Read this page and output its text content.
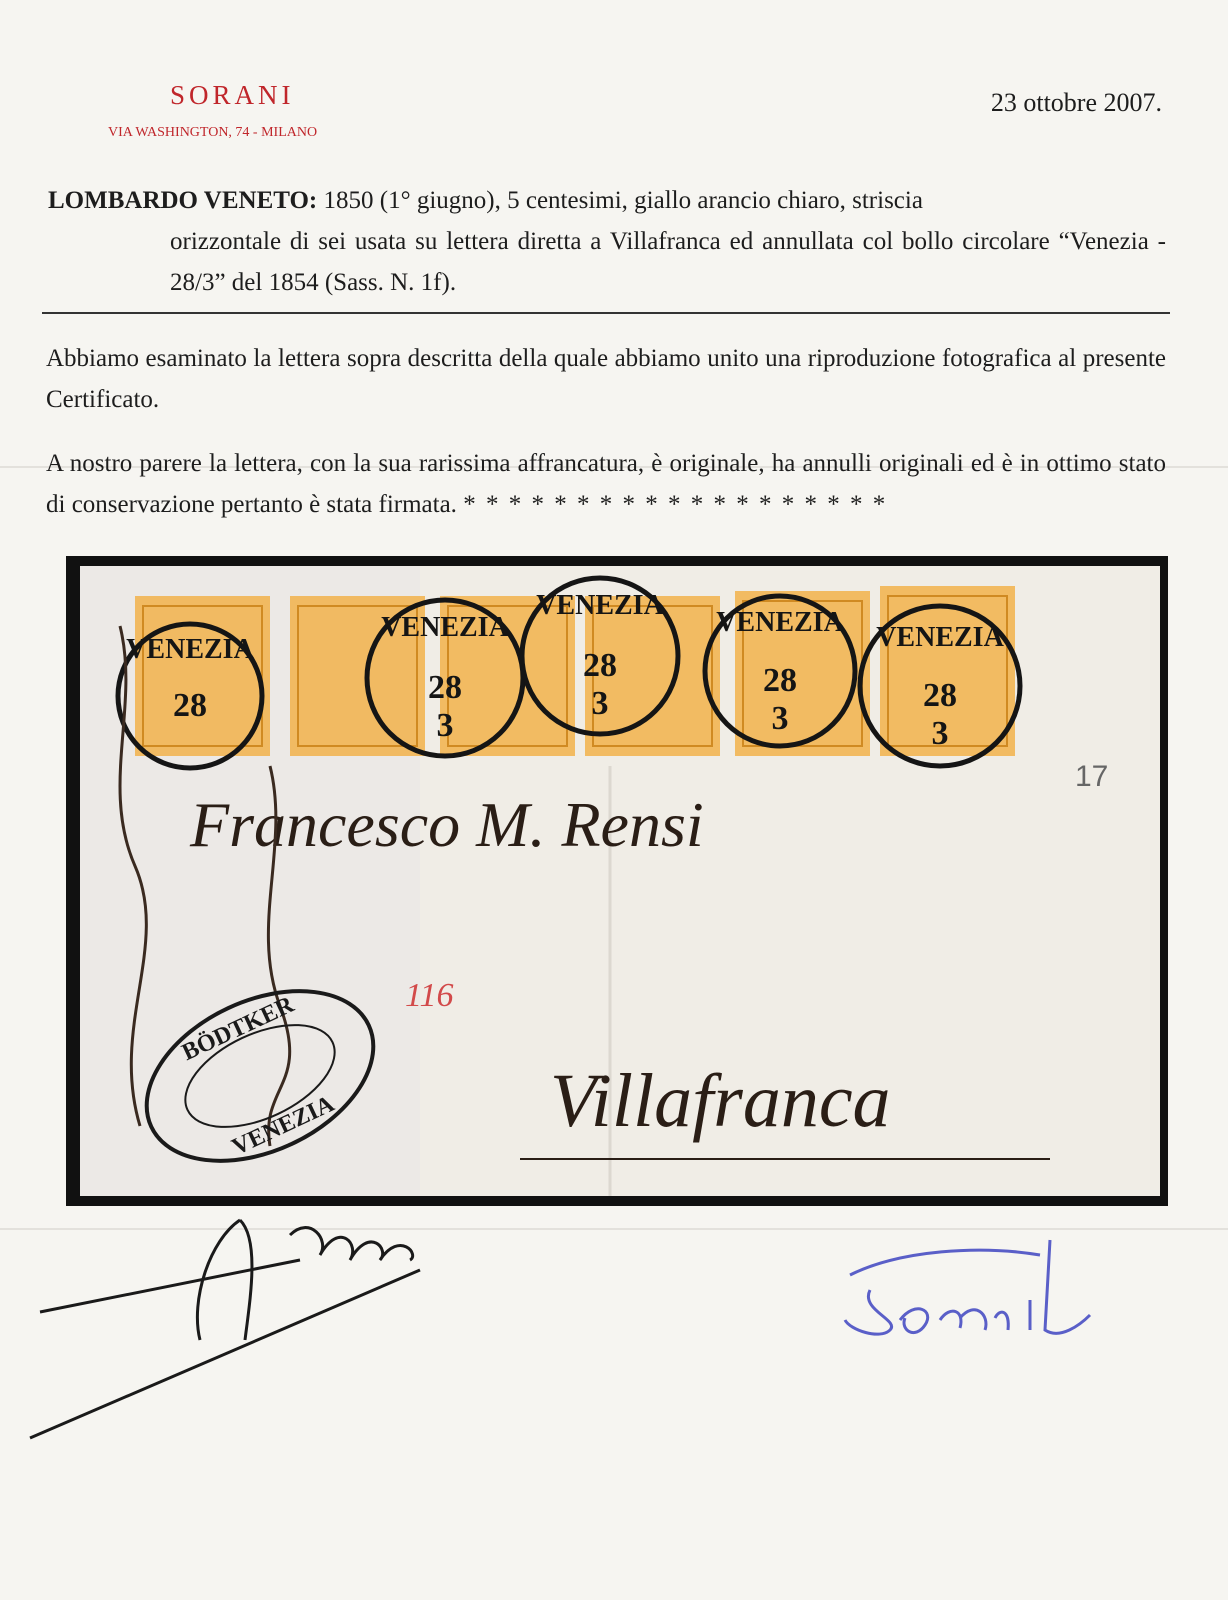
SORANI
VIA WASHINGTON, 74 - MILANO
23 ottobre 2007.
LOMBARDO VENETO: 1850 (1° giugno), 5 centesimi, giallo arancio chiaro, striscia
orizzontale di sei usata su lettera diretta a Villafranca ed annullata col bollo circolare “Venezia - 28/3” del 1854 (Sass. N. 1f).
Abbiamo esaminato la lettera sopra descritta della quale abbiamo unito una riproduzione fotografica al presente Certificato.
A nostro parere la lettera, con la sua rarissima affrancatura, è originale, ha annulli originali ed è in ottimo stato di conservazione pertanto è stata firmata. * * * * * * * * * * * * * * * * * * *
28	28
28	28	28
3
3	3	3
VENEZIA
VENEZIA
VENEZIA
VENEZIA VENEZIA
Francesco M. Rensi
Villafranca
17
116
BÖDTKER
VENEZIA
